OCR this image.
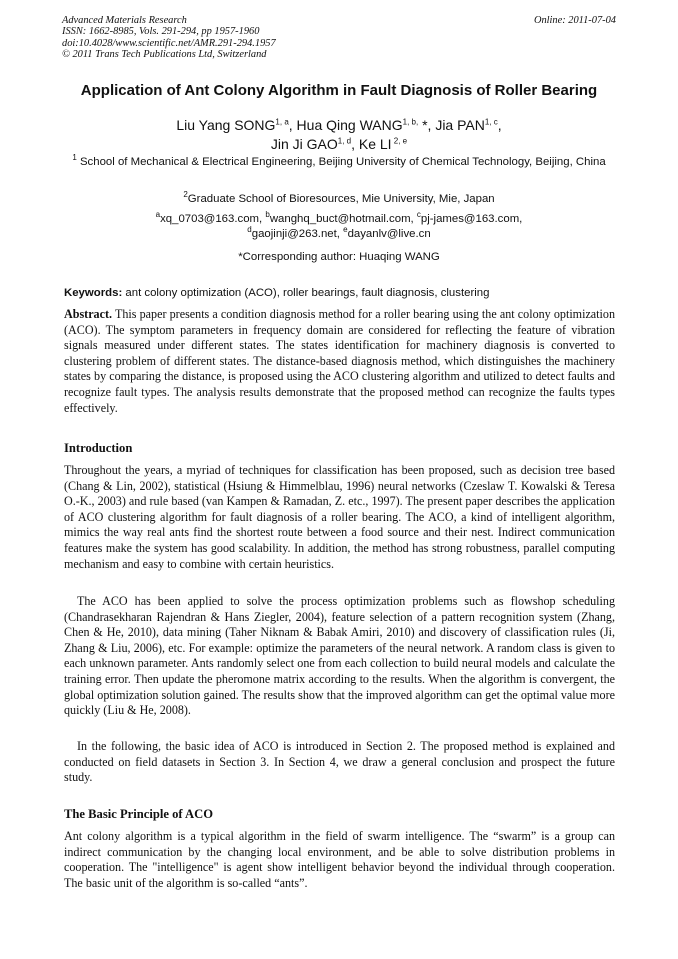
Advanced Materials Research
ISSN: 1662-8985, Vols. 291-294, pp 1957-1960
doi:10.4028/www.scientific.net/AMR.291-294.1957
© 2011 Trans Tech Publications Ltd, Switzerland
Online: 2011-07-04
Application of Ant Colony Algorithm in Fault Diagnosis of Roller Bearing
Liu Yang SONG$^{1, a}$, Hua Qing $WANG^{1, b,}$ *, Jia PAN$^{1, c}$,
Jin Ji GAO$^{1, d}$, Ke LI $^{2, e}$
$^1$ School of Mechanical & Electrical Engineering, Beijing University of Chemical Technology, Beijing, China
$^2$Graduate School of Bioresources, Mie University, Mie, Japan
$^a$xq_0703@163.com, $^b$wanghq_buct@hotmail.com, $^c$pj-james@163.com,
$^d$gaojinji@263.net, $^e$dayanlv@live.cn
*Corresponding author: Huaqing WANG
Keywords: ant colony optimization (ACO), roller bearings, fault diagnosis, clustering

Abstract. This paper presents a condition diagnosis method for a roller bearing using the ant colony optimization (ACO). The symptom parameters in frequency domain are considered for reflecting the feature of vibration signals measured under different states. The states identification for machinery diagnosis is converted to clustering problem of different states. The distance-based diagnosis method, which distinguishes the machinery states by comparing the distance, is proposed using the ACO clustering algorithm and utilized to detect faults and recognize fault types. The analysis results demonstrate that the proposed method can recognize the faults types effectively.

Introduction

Throughout the years, a myriad of techniques for classification has been proposed, such as decision tree based (Chang & Lin, 2002), statistical (Hsiung & Himmelblau, 1996) neural networks (Czeslaw T. Kowalski & Teresa O.-K., 2003) and rule based (van Kampen & Ramadan, Z. etc., 1997). The present paper describes the application of ACO clustering algorithm for fault diagnosis of a roller bearing. The ACO, a kind of intelligent algorithm, mimics the way real ants find the shortest route between a food source and their nest. Indirect communication features make the system has good scalability. In addition, the method has strong robustness, parallel computing mechanism and easy to combine with certain heuristics.

The ACO has been applied to solve the process optimization problems such as flowshop scheduling (Chandrasekharan Rajendran & Hans Ziegler, 2004), feature selection of a pattern recognition system (Zhang, Chen & He, 2010), data mining (Taher Niknam & Babak Amiri, 2010) and discovery of classification rules (Ji, Zhang & Liu, 2006), etc. For example: optimize the parameters of the neural network. A random class is given to each unknown parameter. Ants randomly select one from each collection to build neural models and calculate the training error. Then update the pheromone matrix according to the results. When the algorithm is convergent, the global optimization solution gained. The results show that the improved algorithm can get the optimal value more quickly (Liu & He, 2008).

In the following, the basic idea of ACO is introduced in Section 2. The proposed method is explained and conducted on field datasets in Section 3. In Section 4, we draw a general conclusion and prospect the future study.

The Basic Principle of ACO

Ant colony algorithm is a typical algorithm in the field of swarm intelligence. The “swarm” is a group can indirect communication by the changing local environment, and be able to solve distribution problems in cooperation. The "intelligence" is agent show intelligent behavior beyond the individual through cooperation. The basic unit of the algorithm is so-called “ants”.
